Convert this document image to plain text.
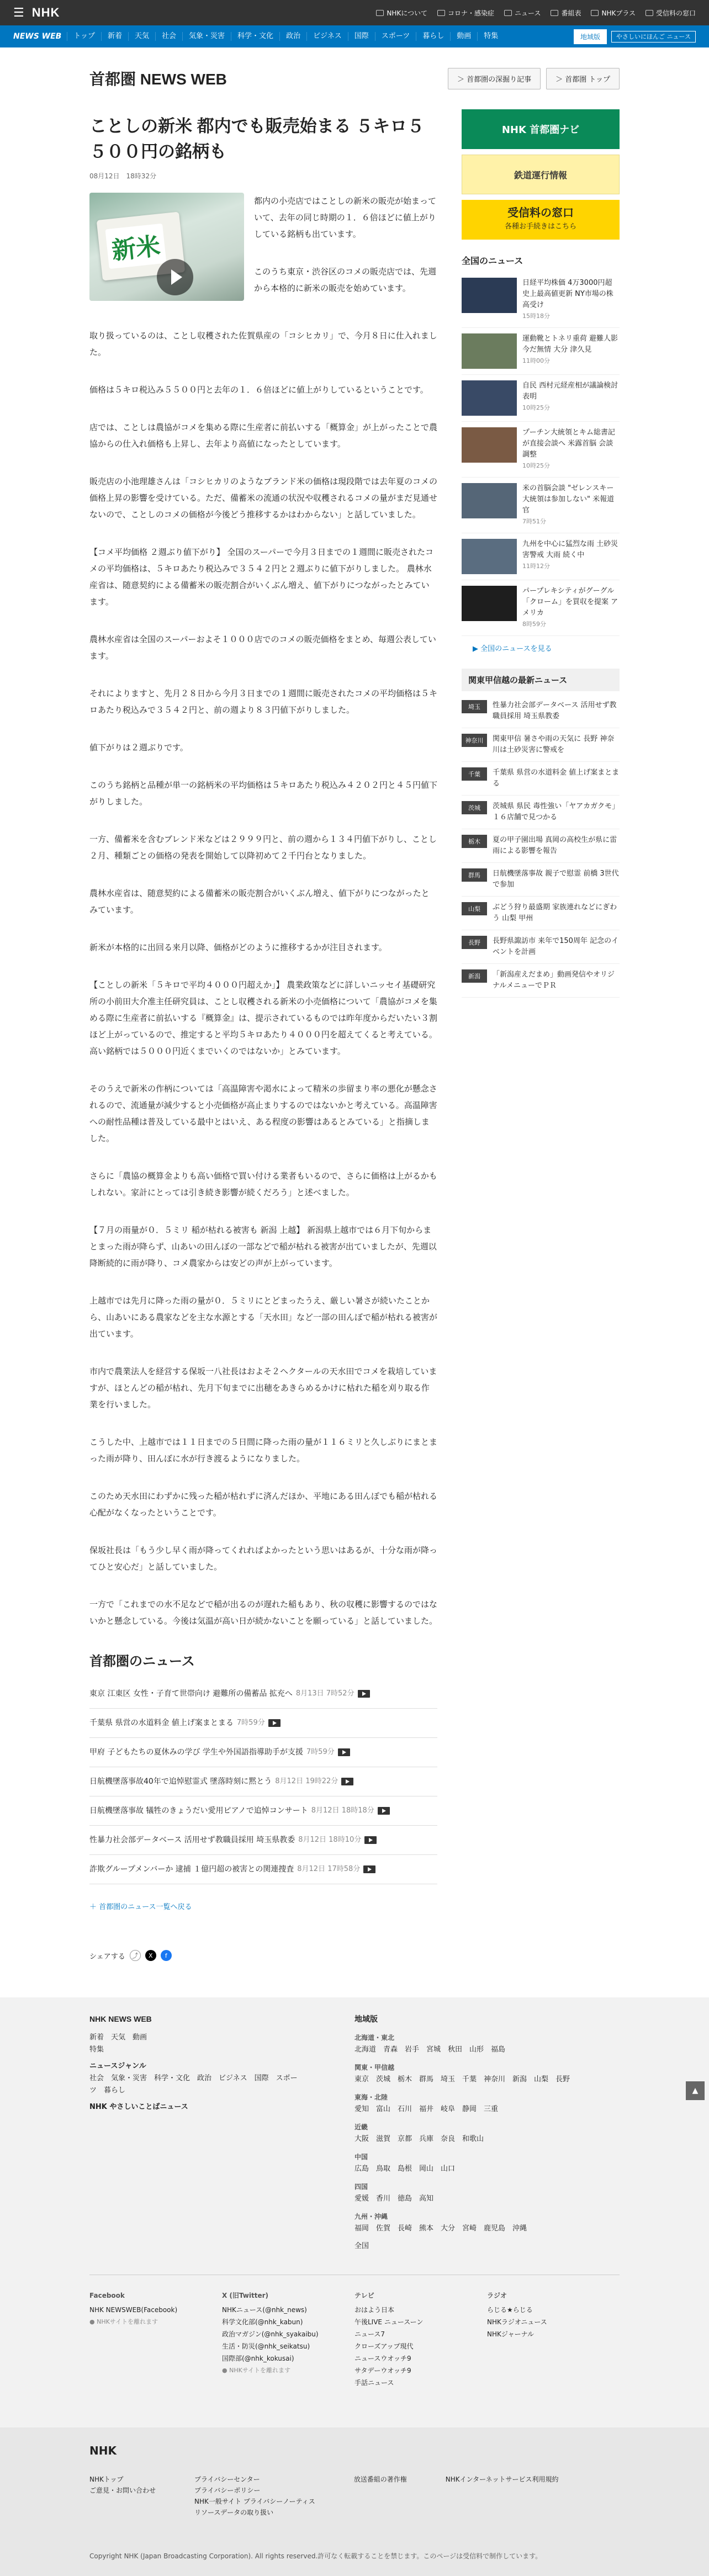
☰ NHK	NHKについて	コロナ・感染症	ニュース	番組表	NHKプラス	受信料の窓口
NEWS WEB	トップ	新着	天気	社会	気象・災害	科学・文化	政治	ビジネス	国際	スポーツ	暮らし	動画	特集	地域版	やさしいにほんご ニュース
首都圏 NEWS WEB	＞ 首都圏の深掘り記事	＞ 首都圏 トップ
ことしの新米 都内でも販売始まる ５キロ５５００円の銘柄も
08月12日　18時32分
新米

都内の小売店ではことしの新米の販売が始まっていて、去年の同じ時期の１．６倍ほどに値上がりしている銘柄も出ています。

このうち東京・渋谷区のコメの販売店では、先週から本格的に新米の販売を始めています。

取り扱っているのは、ことし収穫された佐賀県産の「コシヒカリ」で、今月８日に仕入れました。

価格は５キロ税込み５５００円と去年の１．６倍ほどに値上がりしているということです。

店では、ことしは農協がコメを集める際に生産者に前払いする「概算金」が上がったことで農協からの仕入れ価格も上昇し、去年より高値になったとしています。

販売店の小池理雄さんは「コシヒカリのようなブランド米の価格は現段階では去年夏のコメの価格上昇の影響を受けている。ただ、備蓄米の流通の状況や収穫されるコメの量がまだ見通せないので、ことしのコメの価格が今後どう推移するかはわからない」と話していました。

【コメ平均価格 ２週ぶり値下がり】 全国のスーパーで今月３日までの１週間に販売されたコメの平均価格は、５キロあたり税込みで３５４２円と２週ぶりに値下がりしました。 農林水産省は、随意契約による備蓄米の販売割合がいくぶん増え、値下がりにつながったとみています。

農林水産省は全国のスーパーおよそ１０００店でのコメの販売価格をまとめ、毎週公表しています。

それによりますと、先月２８日から今月３日までの１週間に販売されたコメの平均価格は５キロあたり税込みで３５４２円と、前の週より８３円値下がりしました。

値下がりは２週ぶりです。

このうち銘柄と品種が単一の銘柄米の平均価格は５キロあたり税込み４２０２円と４５円値下がりしました。

一方、備蓄米を含むブレンド米などは２９９９円と、前の週から１３４円値下がりし、ことし２月、種類ごとの価格の発表を開始して以降初めて２千円台となりました。

農林水産省は、随意契約による備蓄米の販売割合がいくぶん増え、値下がりにつながったとみています。

新米が本格的に出回る来月以降、価格がどのように推移するかが注目されます。

【ことしの新米「５キロで平均４０００円超えか」】 農業政策などに詳しいニッセイ基礎研究所の小前田大介准主任研究員は、ことし収穫される新米の小売価格について「農協がコメを集める際に生産者に前払いする『概算金』は、提示されているものでは昨年度からだいたい３割ほど上がっているので、推定すると平均５キロあたり４０００円を超えてくると考えている。高い銘柄では５０００円近くまでいくのではないか」とみています。

そのうえで新米の作柄については「高温障害や渇水によって精米の歩留まり率の悪化が懸念されるので、流通量が減少すると小売価格が高止まりするのではないかと考えている。高温障害への耐性品種は普及している最中とはいえ、ある程度の影響はあるとみている」と指摘しました。

さらに「農協の概算金よりも高い価格で買い付ける業者もいるので、さらに価格は上がるかもしれない。家計にとっては引き続き影響が続くだろう」と述べました。

【７月の雨量が０．５ミリ 稲が枯れる被害も 新潟 上越】 新潟県上越市では６月下旬からまとまった雨が降らず、山あいの田んぼの一部などで稲が枯れる被害が出ていましたが、先週以降断続的に雨が降り、コメ農家からは安どの声が上がっています。

上越市では先月に降った雨の量が０．５ミリにとどまったうえ、厳しい暑さが続いたことから、山あいにある農家などを主な水源とする「天水田」など一部の田んぼで稲が枯れる被害が出ています。

市内で農業法人を経営する保坂一八社長はおよそ２ヘクタールの天水田でコメを栽培していますが、ほとんどの稲が枯れ、先月下旬までに出穂をあきらめるかけに枯れた稲を刈り取る作業を行いました。

こうした中、上越市では１１日までの５日間に降った雨の量が１１６ミリと久しぶりにまとまった雨が降り、田んぼに水が行き渡るようになりました。

このため天水田にわずかに残った稲が枯れずに済んだほか、平地にある田んぼでも稲が枯れる心配がなくなったということです。

保坂社長は「もう少し早く雨が降ってくれればよかったという思いはあるが、十分な雨が降ってひと安心だ」と話していました。

一方で「これまでの水不足などで稲が出るのが遅れた稲もあり、秋の収穫に影響するのではないかと懸念している。今後は気温が高い日が続かないことを願っている」と話していました。

首都圏のニュース
東京 江東区 女性・子育て世帯向け 避難所の備蓄品 拡充へ 8月13日 7時52分
千葉県 県営の水道料金 値上げ案まとまる 7時59分
甲府 子どもたちの夏休みの学び 学生や外国語指導助手が支援 7時59分
日航機墜落事故40年で追悼慰霊式 墜落時刻に黙とう 8月12日 19時22分
日航機墜落事故 犠牲のきょうだい愛用ピアノで追悼コンサート 8月12日 18時18分
性暴力社会部データベース 活用せず教職員採用 埼玉県教委 8月12日 18時10分
詐欺グループメンバーか 逮捕 １億円超の被害との関連捜査 8月12日 17時58分
＋ 首都圏のニュース一覧へ戻る
シェアする	⤴	X	f
NHK 首都圏ナビ
鉄道運行情報
受信料の窓口
各種お手続きはこちら
全国のニュース
日経平均株価 4万3000円超 史上最高値更新 NY市場の株高受け
15時18分
運動靴とトネリ重荷 避難人影 今だ無情 大分 津久見
11時00分
自民 西村元経産相が議論検討表明
10時25分
プーチン大統領とキム総書記が直接会談へ 米露首脳 会談調整
10時25分
米の首脳会談 "ゼレンスキー大統領は参加しない" 米報道官
7時51分
九州を中心に猛烈な雨 土砂災害警戒 大雨 続く中
11時12分
パープレキシティがグーグル「クローム」を買収を提案 アメリカ
8時59分
▶ 全国のニュースを見る
関東甲信越の最新ニュース
埼玉	性暴力社会部データベース 活用せず教職員採用 埼玉県教委
神奈川	関東甲信 暑さや雨の天気に 長野 神奈川は土砂災害に警戒を
千葉	千葉県 県営の水道料金 値上げ案まとまる
茨城	茨城県 県民 毒性強い「ヤアカガクモ」 １６店舗で見つかる
栃木	夏の甲子園出場 真岡の高校生が県に雷雨による影響を報告
群馬	日航機墜落事故 親子で慰霊 前橋 3世代で参加
山梨	ぶどう狩り最盛期 家族連れなどにぎわう 山梨 甲州
長野	長野県諏訪市 来年で150周年 記念のイベントを計画
新潟	「新潟産えだまめ」動画発信やオリジナルメニューでＰＲ
NHK NEWS WEB
新着　天気　動画
特集
ニュースジャンル
社会　気象・災害　科学・文化　政治　ビジネス　国際　スポーツ　暮らし
NHK やさしいことばニュース
地域版
北海道・東北
北海道　青森　岩手　宮城　秋田　山形　福島
関東・甲信越
東京　茨城　栃木　群馬　埼玉　千葉　神奈川　新潟　山梨　長野
東海・北陸
愛知　富山　石川　福井　岐阜　静岡　三重
近畿
大阪　滋賀　京都　兵庫　奈良　和歌山
中国
広島　鳥取　島根　岡山　山口
四国
愛媛　香川　徳島　高知
九州・沖縄
福岡　佐賀　長崎　熊本　大分　宮崎　鹿児島　沖縄
全国
Facebook
NHK NEWSWEB(Facebook)
● NHKサイトを離れます
X (旧Twitter)
NHKニュース(@nhk_news)
科学文化部(@nhk_kabun)
政治マガジン(@nhk_syakaibu)
生活・防災(@nhk_seikatsu)
国際部(@nhk_kokusai)
● NHKサイトを離れます
テレビ
おはよう日本
午後LIVE ニュースーン
ニュース7
クローズアップ現代
ニュースウオッチ9
サタデーウオッチ9
手話ニュース
ラジオ
らじる★らじる
NHKラジオニュース
NHKジャーナル
NHK
NHKトップ
ご意見・お問い合わせ
プライバシーセンター
プライバシーポリシー
NHK一般サイト プライバシーノーティス
リソースデータの取り扱い
放送番組の著作権	NHKインターネットサービス利用規約
Copyright NHK (Japan Broadcasting Corporation). All rights reserved.許可なく転載することを禁じます。このページは受信料で制作しています。
▲
